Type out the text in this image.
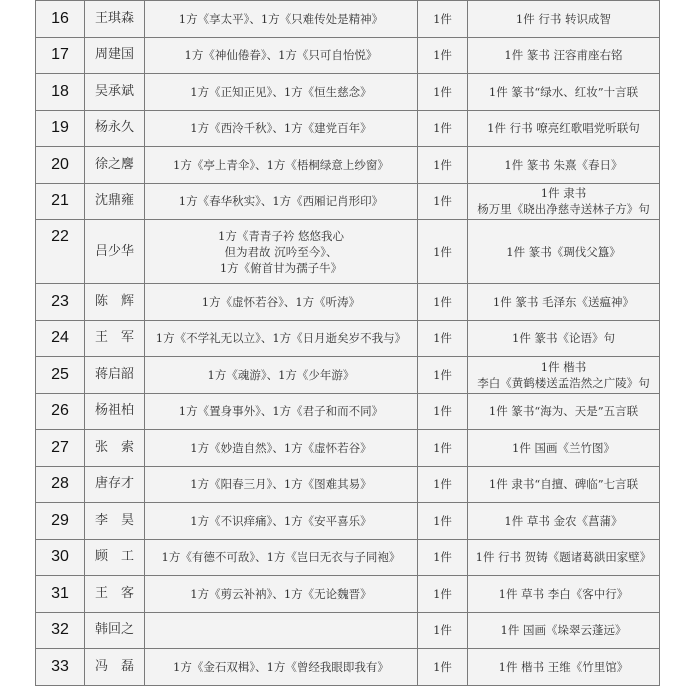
16	王琪森	1方《享太平》、1方《只难传处是精神》	1件	1件 行书 转识成智

17	周建国	1方《神仙倦眷》、1方《只可自怡悦》	1件	1件 篆书 汪容甫座右铭

18	吴承斌	1方《正知正见》、1方《恒生慈念》	1件	1件 篆书“绿水、红妆”十言联

19	杨永久	1方《西泠千秋》、1方《建党百年》	1件	1件 行书 嘹亮红歌唱党听联句

20	徐之麐	1方《亭上青伞》、1方《梧桐绿意上纱窗》	1件	1件 篆书 朱熹《春日》

21	沈鼎雍	1方《春华秋实》、1方《西厢记肖形印》	1件	1件 隶书
杨万里《晓出净慈寺送林子方》句

22	吕少华	1方《青青子衿 悠悠我心
但为君故 沉吟至今》、
1方《俯首甘为孺子牛》	1件	1件 篆书《琱伐父簋》

23	陈　辉	1方《虚怀若谷》、1方《听涛》	1件	1件 篆书 毛泽东《送瘟神》

24	王　军	1方《不学礼无以立》、1方《日月逝矣岁不我与》	1件	1件 篆书《论语》句

25	蒋启韶	1方《魂游》、1方《少年游》	1件	1件 楷书
李白《黄鹤楼送孟浩然之广陵》句

26	杨祖柏	1方《置身事外》、1方《君子和而不同》	1件	1件 篆书“海为、天是”五言联

27	张　索	1方《妙造自然》、1方《虚怀若谷》	1件	1件 国画《兰竹图》

28	唐存才	1方《阳春三月》、1方《图难其易》	1件	1件 隶书“自擅、碑临”七言联

29	李　昊	1方《不识痒痛》、1方《安平喜乐》	1件	1件 草书 金农《菖蒲》

30	顾　工	1方《有德不可敌》、1方《岂曰无衣与子同袍》	1件	1件 行书 贺铸《题诸葛谼田家壁》

31	王　客	1方《剪云补衲》、1方《无论魏晋》	1件	1件 草书 李白《客中行》

32	韩回之		1件	1件 国画《垛翠云蓬远》

33	冯　磊	1方《金石双楫》、1方《曾经我眼即我有》	1件	1件 楷书 王维《竹里馆》
